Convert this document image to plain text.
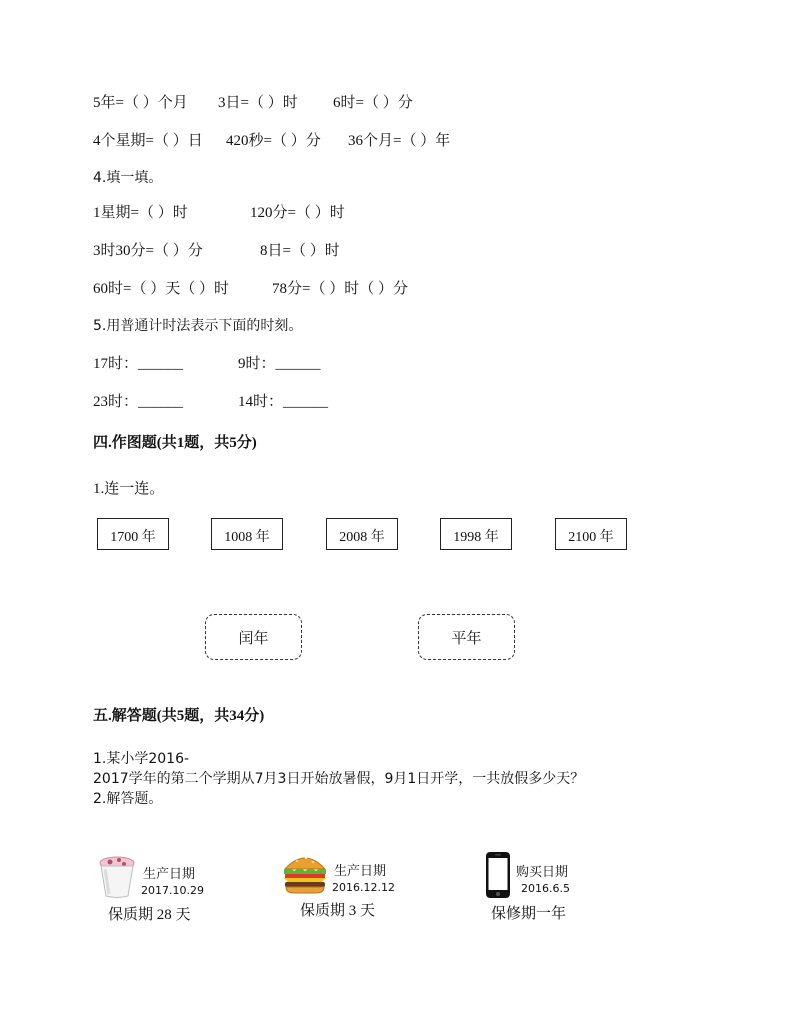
5年=（ ）个月 3日=（ ）时 6时=（ ）分
4个星期=（ ）日 420秒=（ ）分 36个月=（ ）年
4.填一填。
1星期=（ ）时	120分=（ ）时
3时30分=（ ）分	8日=（ ）时
60时=（ ）天（ ）时	78分=（ ）时（ ）分
5.用普通计时法表示下面的时刻。
17时：______	9时：______
23时：______	14时：______
四.作图题(共1题，共5分)
1.连一连。
1700 年	1008 年	2008 年	1998 年	2100 年
闰年	平年
五.解答题(共5题，共34分)
1.某小学2016-
2017学年的第二个学期从7月3日开始放暑假，9月1日开学，一共放假多少天？
2.解答题。
生产日期
2017.10.29
保质期 28 天
生产日期
2016.12.12
保质期 3 天
购买日期
2016.6.5
保修期一年
